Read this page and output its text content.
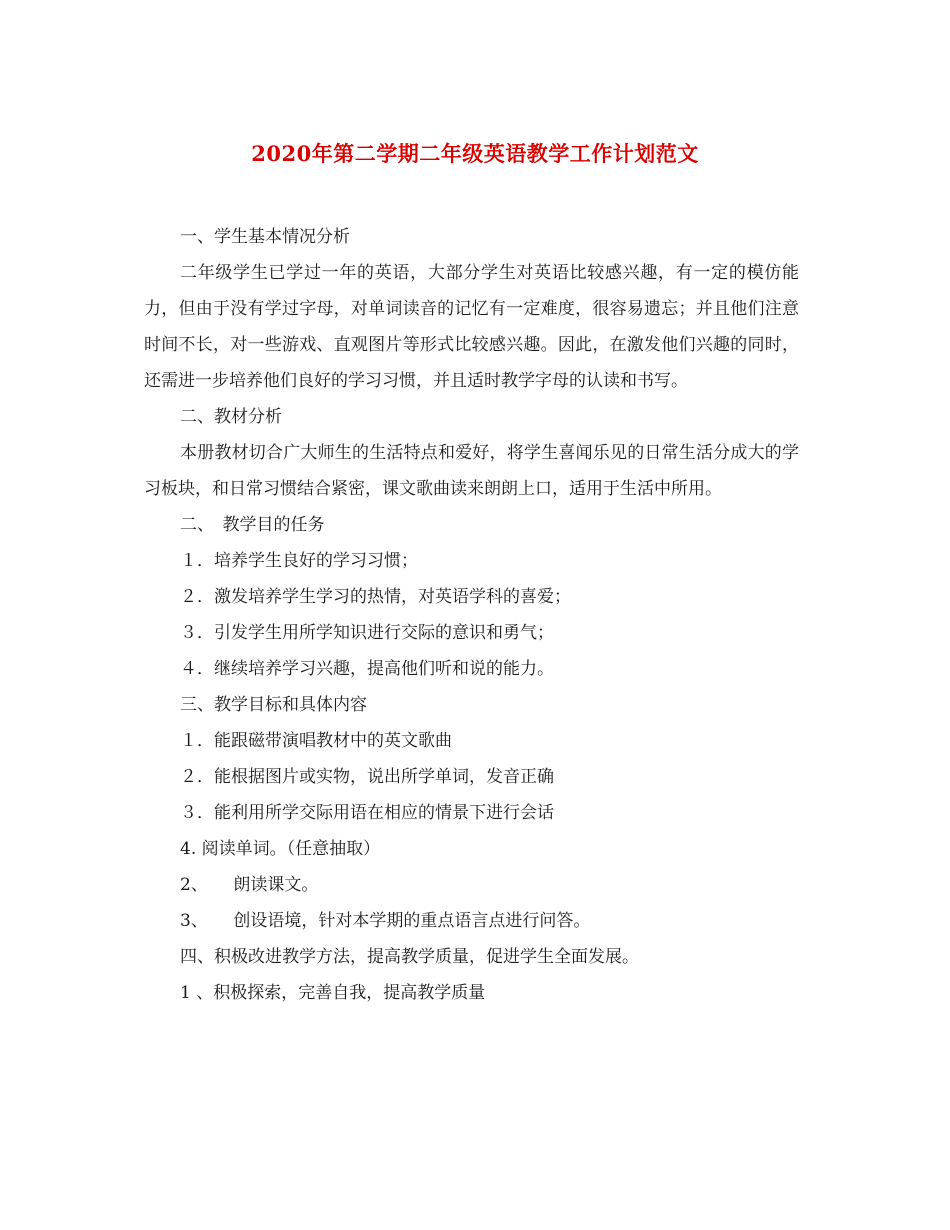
2020年第二学期二年级英语教学工作计划范文
一、学生基本情况分析

二年级学生已学过一年的英语，大部分学生对英语比较感兴趣，有一定的模仿能力，但由于没有学过字母，对单词读音的记忆有一定难度，很容易遗忘；并且他们注意时间不长，对一些游戏、直观图片等形式比较感兴趣。因此，在激发他们兴趣的同时，还需进一步培养他们良好的学习习惯，并且适时教学字母的认读和书写。

二、教材分析

本册教材切合广大师生的生活特点和爱好，将学生喜闻乐见的日常生活分成大的学习板块，和日常习惯结合紧密，课文歌曲读来朗朗上口，适用于生活中所用。

二、　教学目的任务
１．培养学生良好的学习习惯；
２．激发培养学生学习的热情，对英语学科的喜爱；
３．引发学生用所学知识进行交际的意识和勇气；
４．继续培养学习兴趣，提高他们听和说的能力。
三、教学目标和具体内容
１．能跟磁带演唱教材中的英文歌曲
２．能根据图片或实物，说出所学单词，发音正确
３．能利用所学交际用语在相应的情景下进行会话
4. 阅读单词。（任意抽取）
2、　　朗读课文。
3、　　创设语境，针对本学期的重点语言点进行问答。
四、积极改进教学方法，提高教学质量，促进学生全面发展。
1 、积极探索，完善自我，提高教学质量
